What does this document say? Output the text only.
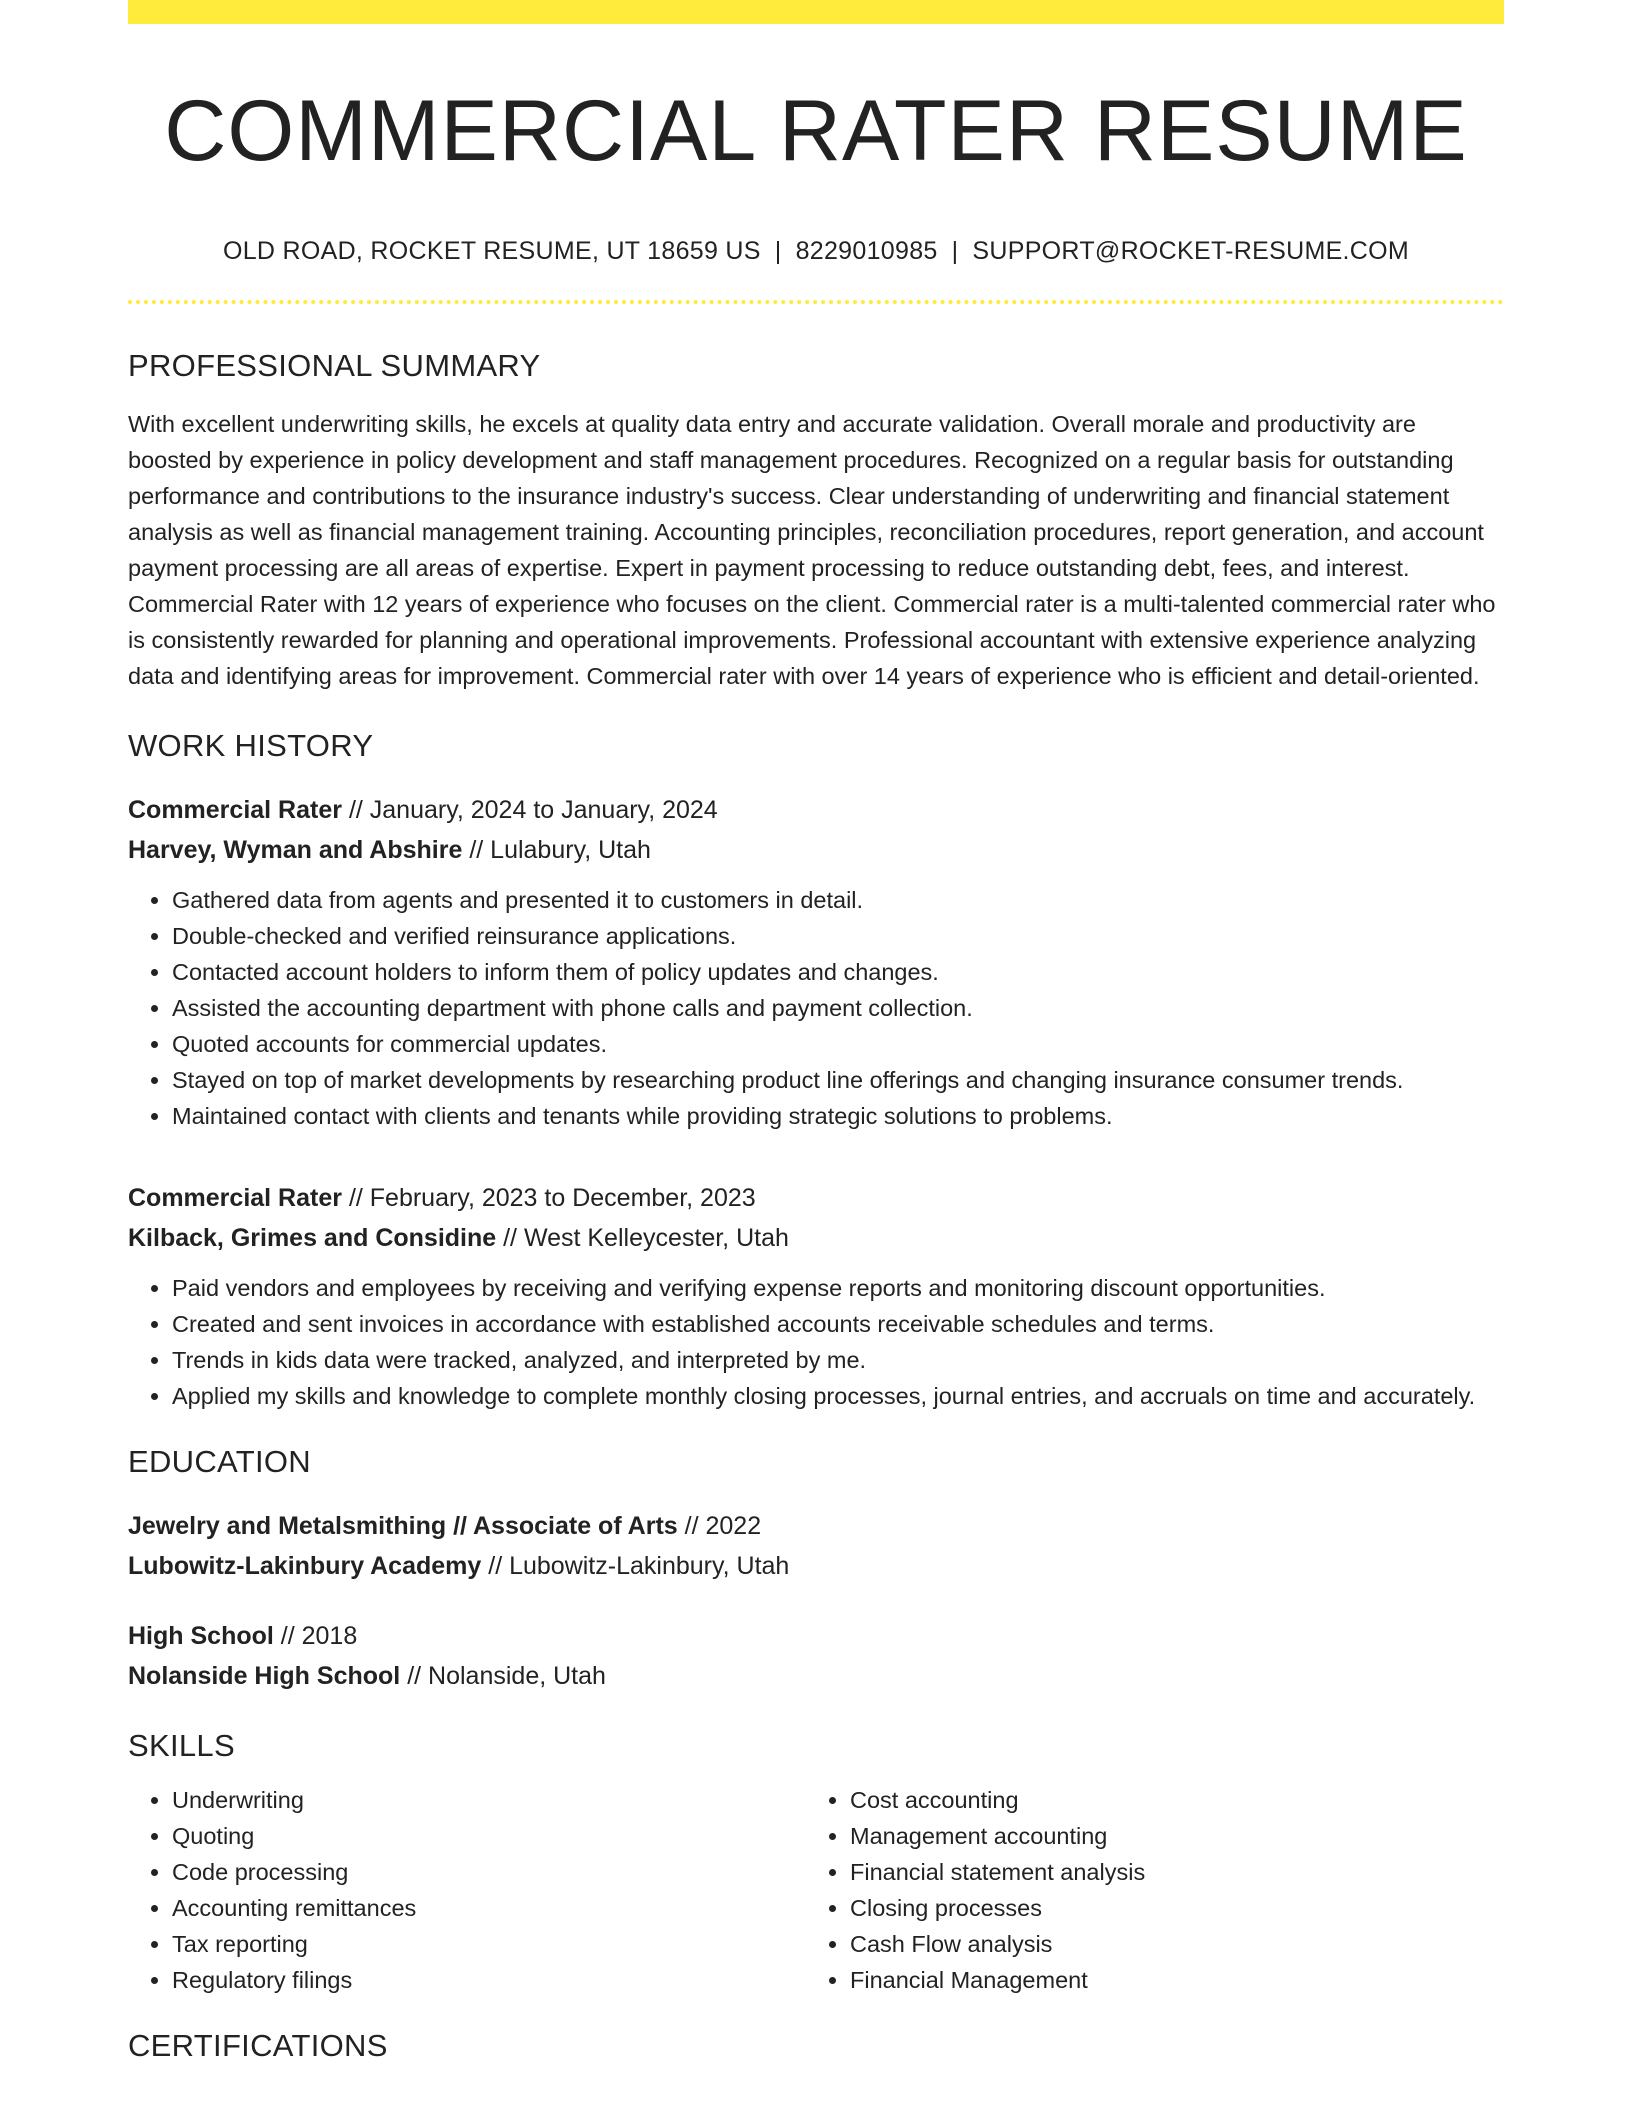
COMMERCIAL RATER RESUME
OLD ROAD, ROCKET RESUME, UT 18659 US | 8229010985 | SUPPORT@ROCKET-RESUME.COM
PROFESSIONAL SUMMARY

With excellent underwriting skills, he excels at quality data entry and accurate validation. Overall morale and productivity are boosted by experience in policy development and staff management procedures. Recognized on a regular basis for outstanding performance and contributions to the insurance industry's success. Clear understanding of underwriting and financial statement analysis as well as financial management training. Accounting principles, reconciliation procedures, report generation, and account payment processing are all areas of expertise. Expert in payment processing to reduce outstanding debt, fees, and interest. Commercial Rater with 12 years of experience who focuses on the client. Commercial rater is a multi-talented commercial rater who is consistently rewarded for planning and operational improvements. Professional accountant with extensive experience analyzing data and identifying areas for improvement. Commercial rater with over 14 years of experience who is efficient and detail-oriented.

WORK HISTORY
Commercial Rater // January, 2024 to January, 2024
Harvey, Wyman and Abshire // Lulabury, Utah
• Gathered data from agents and presented it to customers in detail.
• Double-checked and verified reinsurance applications.
• Contacted account holders to inform them of policy updates and changes.
• Assisted the accounting department with phone calls and payment collection.
• Quoted accounts for commercial updates.
• Stayed on top of market developments by researching product line offerings and changing insurance consumer trends.
• Maintained contact with clients and tenants while providing strategic solutions to problems.
Commercial Rater // February, 2023 to December, 2023
Kilback, Grimes and Considine // West Kelleycester, Utah
• Paid vendors and employees by receiving and verifying expense reports and monitoring discount opportunities.
• Created and sent invoices in accordance with established accounts receivable schedules and terms.
• Trends in kids data were tracked, analyzed, and interpreted by me.
• Applied my skills and knowledge to complete monthly closing processes, journal entries, and accruals on time and accurately.
EDUCATION
Jewelry and Metalsmithing // Associate of Arts // 2022
Lubowitz-Lakinbury Academy // Lubowitz-Lakinbury, Utah
High School // 2018
Nolanside High School // Nolanside, Utah
SKILLS
• Underwriting
• Quoting
• Code processing
• Accounting remittances
• Tax reporting
• Regulatory filings
• Cost accounting
• Management accounting
• Financial statement analysis
• Closing processes
• Cash Flow analysis
• Financial Management
CERTIFICATIONS
